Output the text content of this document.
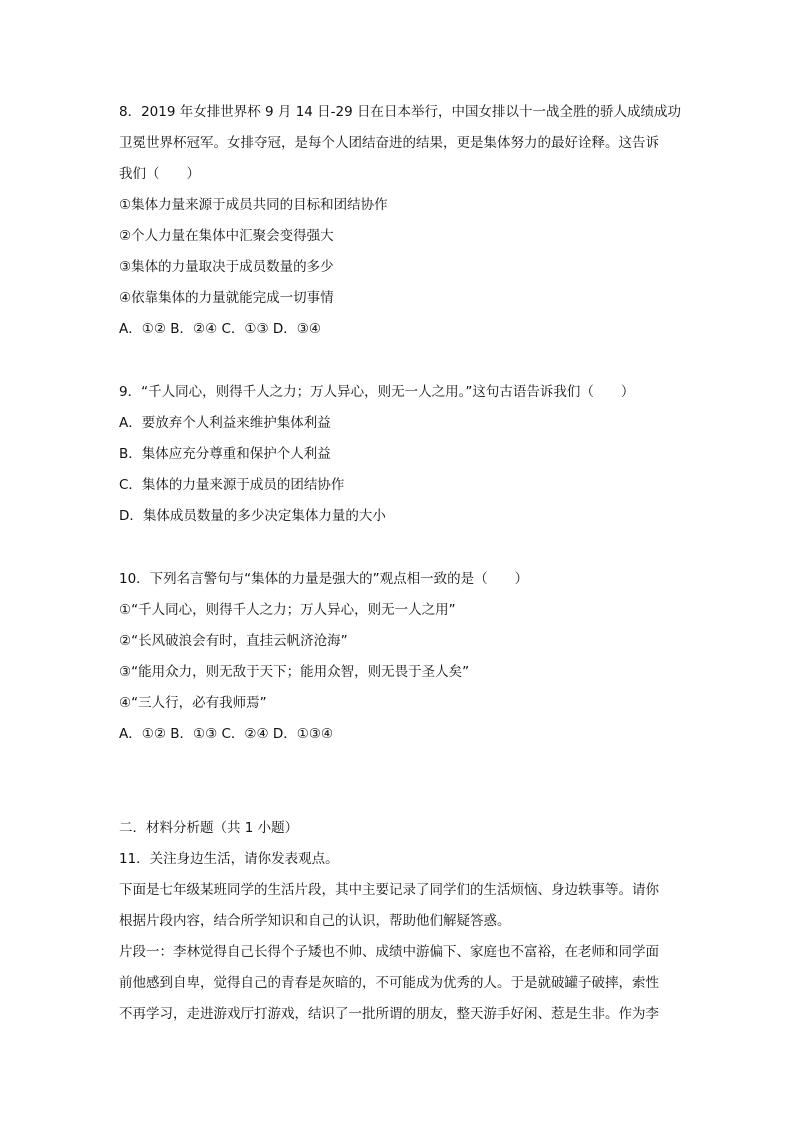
8．2019 年女排世界杯 9 月 14 日-29 日在日本举行，中国女排以十一战全胜的骄人成绩成功
卫冕世界杯冠军。女排夺冠，是每个人团结奋进的结果，更是集体努力的最好诠释。这告诉
我们（　　）
①集体力量来源于成员共同的目标和团结协作
②个人力量在集体中汇聚会变得强大
③集体的力量取决于成员数量的多少
④依靠集体的力量就能完成一切事情
A．①② B．②④ C．①③ D．③④
9．“千人同心，则得千人之力；万人异心，则无一人之用。”这句古语告诉我们（　　）
A．要放弃个人利益来维护集体利益
B．集体应充分尊重和保护个人利益
C．集体的力量来源于成员的团结协作
D．集体成员数量的多少决定集体力量的大小
10．下列名言警句与“集体的力量是强大的”观点相一致的是（　　）
①“千人同心，则得千人之力；万人异心，则无一人之用”
②“长风破浪会有时，直挂云帆济沧海”
③“能用众力，则无敌于天下；能用众智，则无畏于圣人矣”
④“三人行，必有我师焉”
A．①② B．①③ C．②④ D．①③④
二．材料分析题（共 1 小题）
11．关注身边生活，请你发表观点。
下面是七年级某班同学的生活片段，其中主要记录了同学们的生活烦恼、身边轶事等。请你
根据片段内容，结合所学知识和自己的认识，帮助他们解疑答惑。
片段一：李林觉得自己长得个子矮也不帅、成绩中游偏下、家庭也不富裕，在老师和同学面
前他感到自卑，觉得自己的青春是灰暗的，不可能成为优秀的人。于是就破罐子破摔，索性
不再学习，走进游戏厅打游戏，结识了一批所谓的朋友，整天游手好闲、惹是生非。作为李
